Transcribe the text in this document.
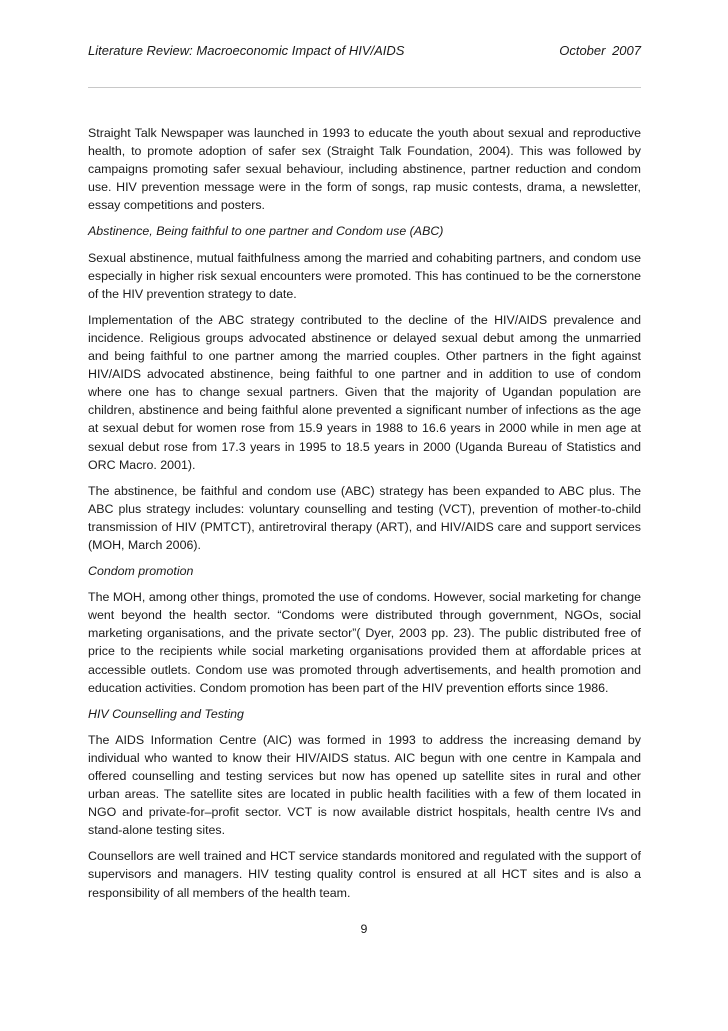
Literature Review: Macroeconomic Impact of HIV/AIDS	October 2007

Straight Talk Newspaper was launched in 1993 to educate the youth about sexual and reproductive health, to promote adoption of safer sex (Straight Talk Foundation, 2004). This was followed by campaigns promoting safer sexual behaviour, including abstinence, partner reduction and condom use. HIV prevention message were in the form of songs, rap music contests, drama, a newsletter, essay competitions and posters.

Abstinence, Being faithful to one partner and Condom use (ABC)

Sexual abstinence, mutual faithfulness among the married and cohabiting partners, and condom use especially in higher risk sexual encounters were promoted. This has continued to be the cornerstone of the HIV prevention strategy to date.

Implementation of the ABC strategy contributed to the decline of the HIV/AIDS prevalence and incidence. Religious groups advocated abstinence or delayed sexual debut among the unmarried and being faithful to one partner among the married couples. Other partners in the fight against HIV/AIDS advocated abstinence, being faithful to one partner and in addition to use of condom where one has to change sexual partners. Given that the majority of Ugandan population are children, abstinence and being faithful alone prevented a significant number of infections as the age at sexual debut for women rose from 15.9 years in 1988 to 16.6 years in 2000 while in men age at sexual debut rose from 17.3 years in 1995 to 18.5 years in 2000 (Uganda Bureau of Statistics and ORC Macro. 2001).

The abstinence, be faithful and condom use (ABC) strategy has been expanded to ABC plus. The ABC plus strategy includes: voluntary counselling and testing (VCT), prevention of mother-to-child transmission of HIV (PMTCT), antiretroviral therapy (ART), and HIV/AIDS care and support services (MOH, March 2006).

Condom promotion

The MOH, among other things, promoted the use of condoms. However, social marketing for change went beyond the health sector. “Condoms were distributed through government, NGOs, social marketing organisations, and the private sector”( Dyer, 2003 pp. 23). The public distributed free of price to the recipients while social marketing organisations provided them at affordable prices at accessible outlets. Condom use was promoted through advertisements, and health promotion and education activities. Condom promotion has been part of the HIV prevention efforts since 1986.

HIV Counselling and Testing

The AIDS Information Centre (AIC) was formed in 1993 to address the increasing demand by individual who wanted to know their HIV/AIDS status. AIC begun with one centre in Kampala and offered counselling and testing services but now has opened up satellite sites in rural and other urban areas. The satellite sites are located in public health facilities with a few of them located in NGO and private-for–profit sector. VCT is now available district hospitals, health centre IVs and stand-alone testing sites.

Counsellors are well trained and HCT service standards monitored and regulated with the support of supervisors and managers. HIV testing quality control is ensured at all HCT sites and is also a responsibility of all members of the health team.

9
